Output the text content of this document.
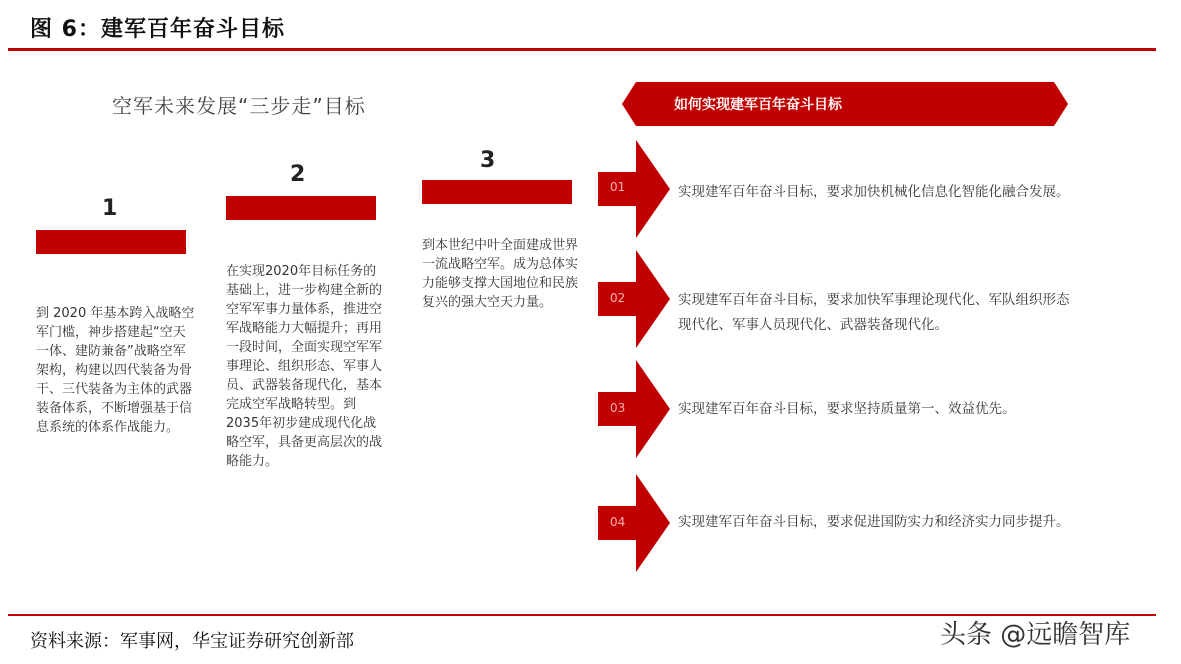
图 6：建军百年奋斗目标
空军未来发展“三步走”目标
1
到 2020 年基本跨入战略空军门槛，神步搭建起“空天一体、建防兼备”战略空军架构，构建以四代装备为骨干、三代装备为主体的武器装备体系，不断增强基于信息系统的体系作战能力。
2
在实现2020年目标任务的基础上，进一步构建全新的空军军事力量体系，推进空军战略能力大幅提升；再用一段时间，全面实现空军军事理论、组织形态、军事人员、武器装备现代化，基本完成空军战略转型。到2035年初步建成现代化战略空军，具备更高层次的战略能力。
3
到本世纪中叶全面建成世界一流战略空军。成为总体实力能够支撑大国地位和民族复兴的强大空天力量。
如何实现建军百年奋斗目标
01	实现建军百年奋斗目标，要求加快机械化信息化智能化融合发展。
02	实现建军百年奋斗目标，要求加快军事理论现代化、军队组织形态现代化、军事人员现代化、武器装备现代化。
03	实现建军百年奋斗目标，要求坚持质量第一、效益优先。
04	实现建军百年奋斗目标，要求促进国防实力和经济实力同步提升。
资料来源：军事网，华宝证券研究创新部	头条 @远瞻智库
